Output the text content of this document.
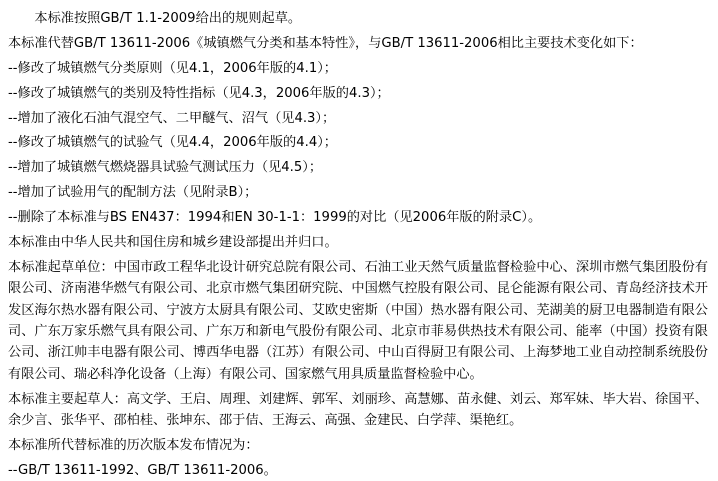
本标准按照GB/T 1.1-2009给出的规则起草。

本标准代替GB/T 13611-2006《城镇燃气分类和基本特性》，与GB/T 13611-2006相比主要技术变化如下：

--修改了城镇燃气分类原则（见4.1，2006年版的4.1）；

--修改了城镇燃气的类别及特性指标（见4.3，2006年版的4.3）；

--增加了液化石油气混空气、二甲醚气、沼气（见4.3）；

--修改了城镇燃气的试验气（见4.4，2006年版的4.4）；

--增加了城镇燃气燃烧器具试验气测试压力（见4.5）；

--增加了试验用气的配制方法（见附录B）；

--删除了本标准与BS EN437：1994和EN 30-1-1：1999的对比（见2006年版的附录C）。

本标准由中华人民共和国住房和城乡建设部提出并归口。

本标准起草单位：中国市政工程华北设计研究总院有限公司、石油工业天然气质量监督检验中心、深圳市燃气集团股份有限公司、济南港华燃气有限公司、北京市燃气集团研究院、中国燃气控股有限公司、昆仑能源有限公司、青岛经济技术开发区海尔热水器有限公司、宁波方太厨具有限公司、艾欧史密斯（中国）热水器有限公司、芜湖美的厨卫电器制造有限公司、广东万家乐燃气具有限公司、广东万和新电气股份有限公司、北京市菲易供热技术有限公司、能率（中国）投资有限公司、浙江帅丰电器有限公司、博西华电器（江苏）有限公司、中山百得厨卫有限公司、上海梦地工业自动控制系统股份有限公司、瑞必科净化设备（上海）有限公司、国家燃气用具质量监督检验中心。

本标准主要起草人：高文学、王启、周理、刘建辉、郭军、刘丽珍、高慧娜、苗永健、刘云、郑军妹、毕大岩、徐国平、余少言、张华平、邵柏桂、张坤东、邵于佶、王海云、高强、金建民、白学萍、渠艳红。

本标准所代替标准的历次版本发布情况为：

--GB/T 13611-1992、GB/T 13611-2006。
